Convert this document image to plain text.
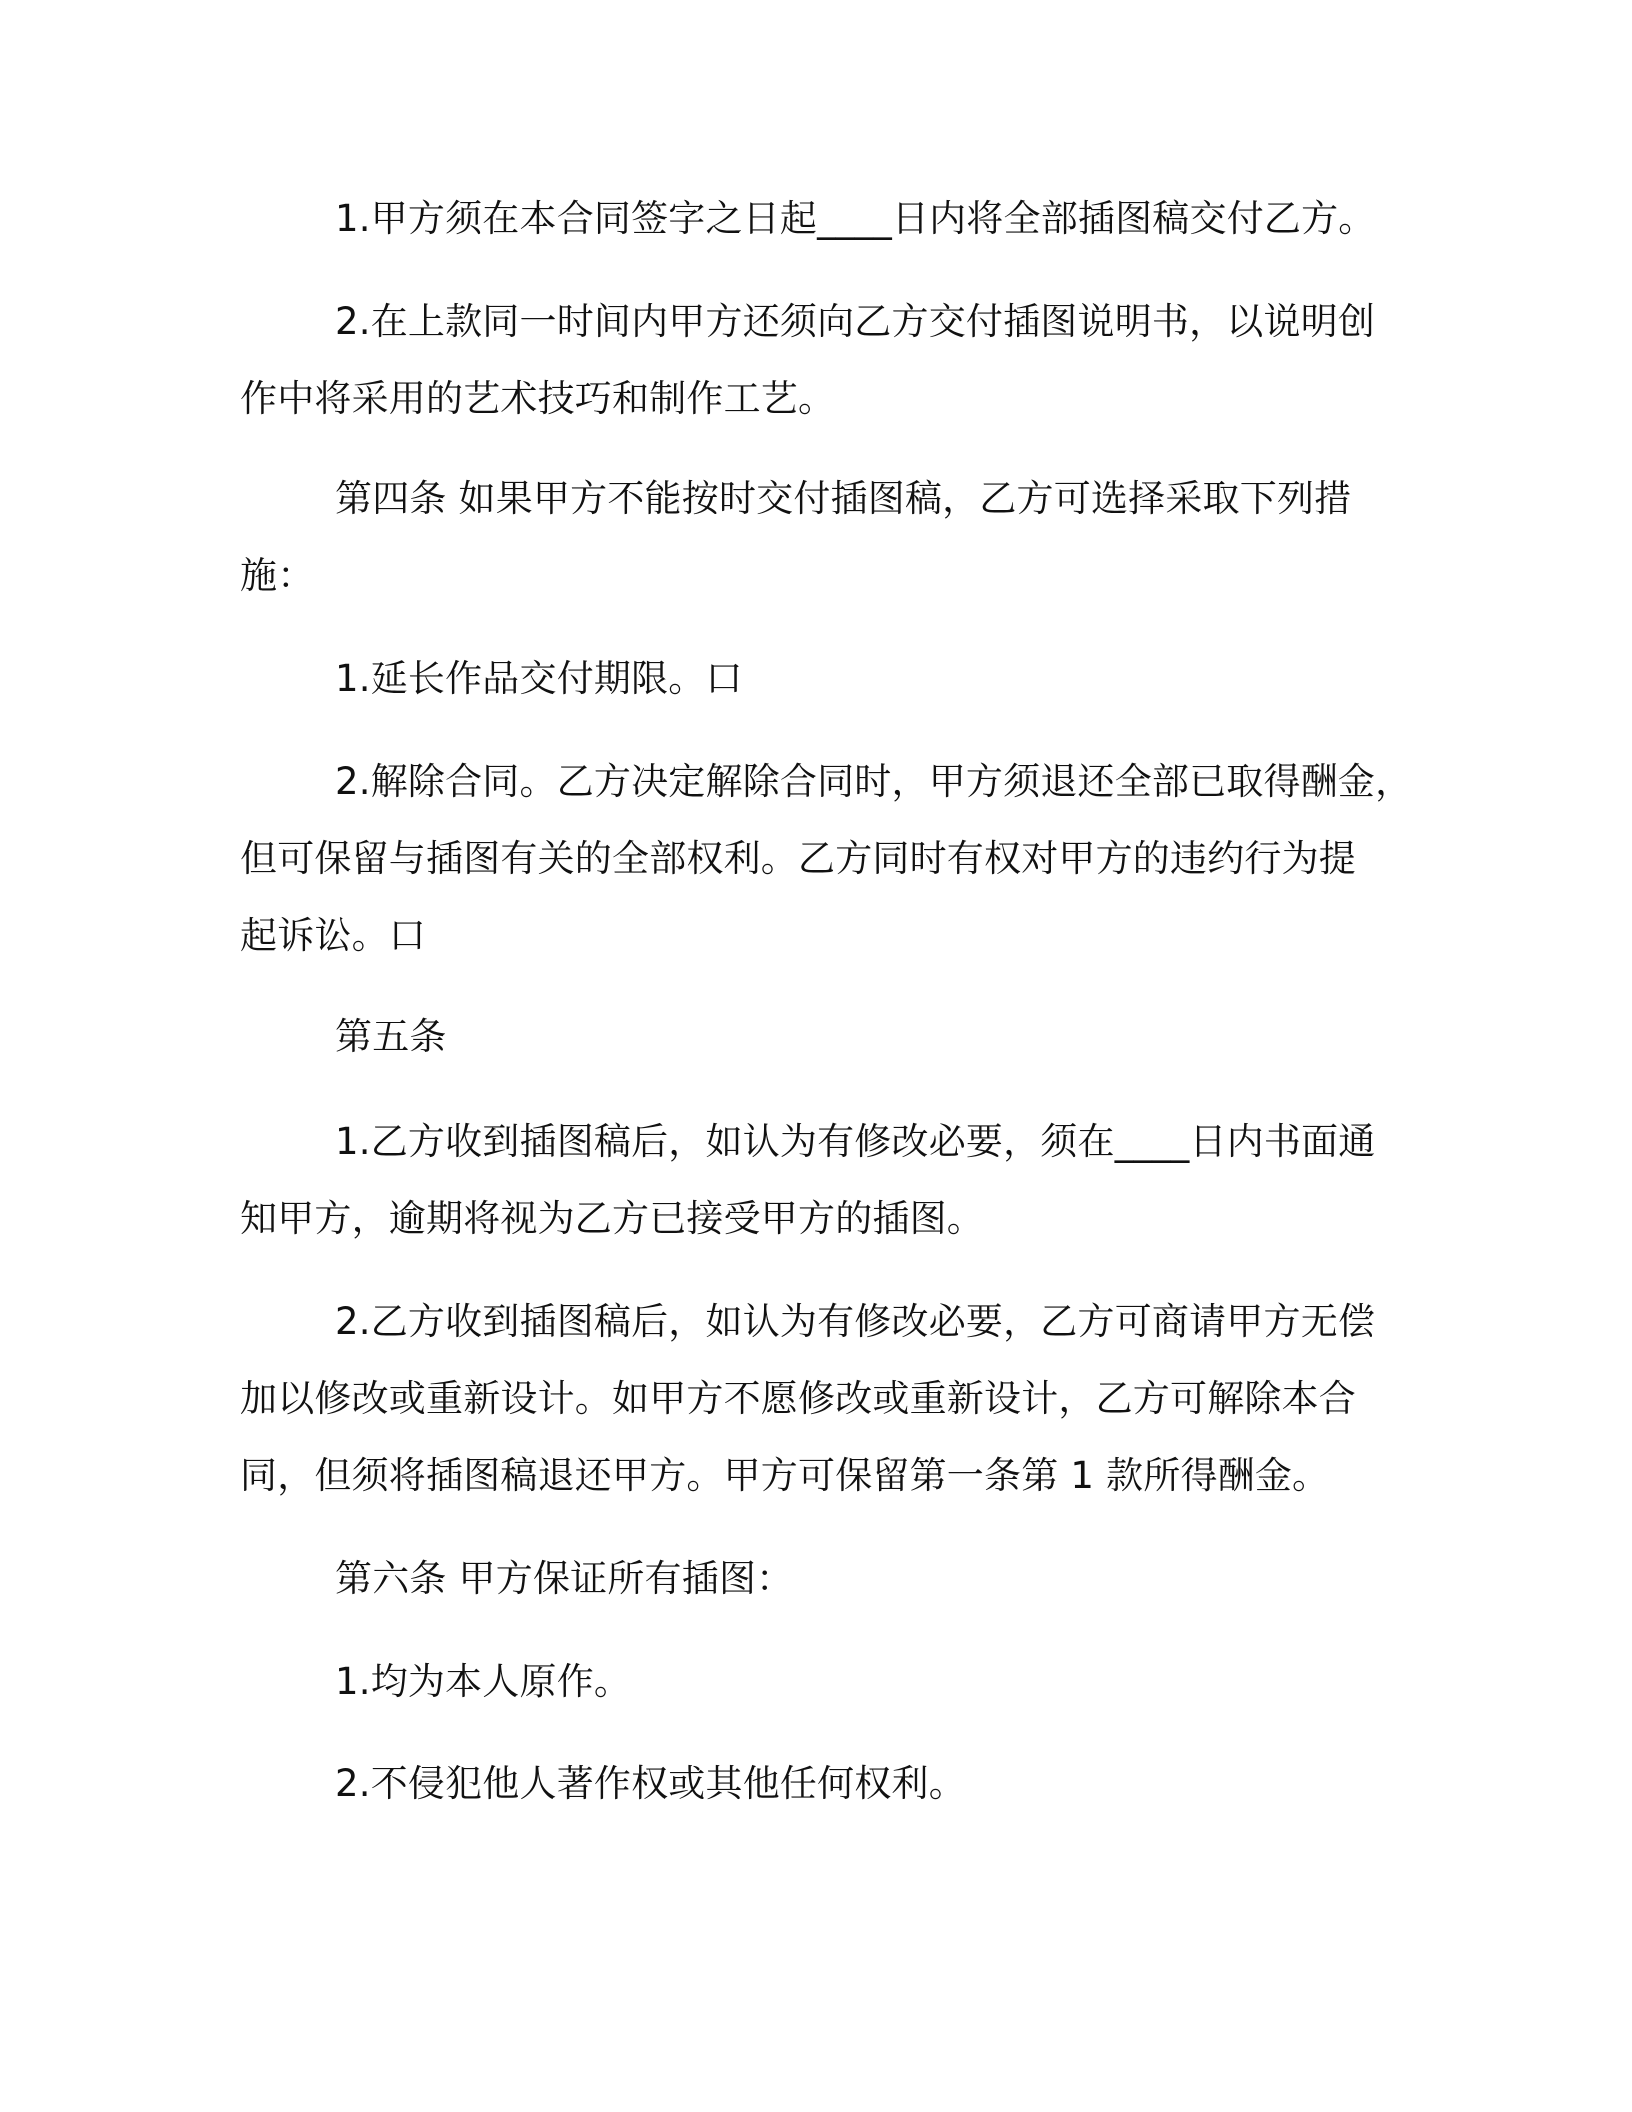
1.甲方须在本合同签字之日起____日内将全部插图稿交付乙方。
2.在上款同一时间内甲方还须向乙方交付插图说明书，以说明创
作中将采用的艺术技巧和制作工艺。
第四条 如果甲方不能按时交付插图稿，乙方可选择采取下列措
施：
1.延长作品交付期限。口
2.解除合同。乙方决定解除合同时，甲方须退还全部已取得酬金，
但可保留与插图有关的全部权利。乙方同时有权对甲方的违约行为提
起诉讼。口
第五条
1.乙方收到插图稿后，如认为有修改必要，须在____日内书面通
知甲方，逾期将视为乙方已接受甲方的插图。
2.乙方收到插图稿后，如认为有修改必要，乙方可商请甲方无偿
加以修改或重新设计。如甲方不愿修改或重新设计，乙方可解除本合
同，但须将插图稿退还甲方。甲方可保留第一条第 1 款所得酬金。
第六条 甲方保证所有插图：
1.均为本人原作。
2.不侵犯他人著作权或其他任何权利。
